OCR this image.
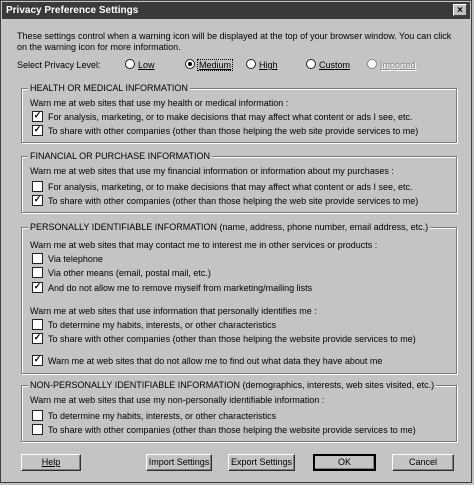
Privacy Preference Settings	×
These settings control when a warning icon will be displayed at the top of your browser window. You can click on the warning icon for more information.
Select Privacy Level:	Low	Medium	High	Custom	Imported
HEALTH OR MEDICAL INFORMATION
Warn me at web sites that use my health or medical information :
✓For analysis, marketing, or to make decisions that may affect what content or ads I see, etc.
✓To share with other companies (other than those helping the web site provide services to me)
FINANCIAL OR PURCHASE INFORMATION
Warn me at web sites that use my financial information or information about my purchases :
For analysis, marketing, or to make decisions that may affect what content or ads I see, etc.
✓To share with other companies (other than those helping the web site provide services to me)
PERSONALLY IDENTIFIABLE INFORMATION (name, address, phone number, email address, etc.)
Warn me at web sites that may contact me to interest me in other services or products :
Via telephone
Via other means (email, postal mail, etc.)
✓And do not allow me to remove myself from marketing/mailing lists
Warn me at web sites that use information that personally identifies me :
To determine my habits, interests, or other characteristics
✓To share with other companies (other than those helping the website provide services to me)
✓Warn me at web sites that do not allow me to find out what data they have about me
NON-PERSONALLY IDENTIFIABLE INFORMATION (demographics, interests, web sites visited, etc.)
Warn me at web sites that use my non-personally identifiable information :
To determine my habits, interests, or other characteristics
To share with other companies (other than those helping the website provide services to me)
Help	Import Settings	Export Settings	OK	Cancel
